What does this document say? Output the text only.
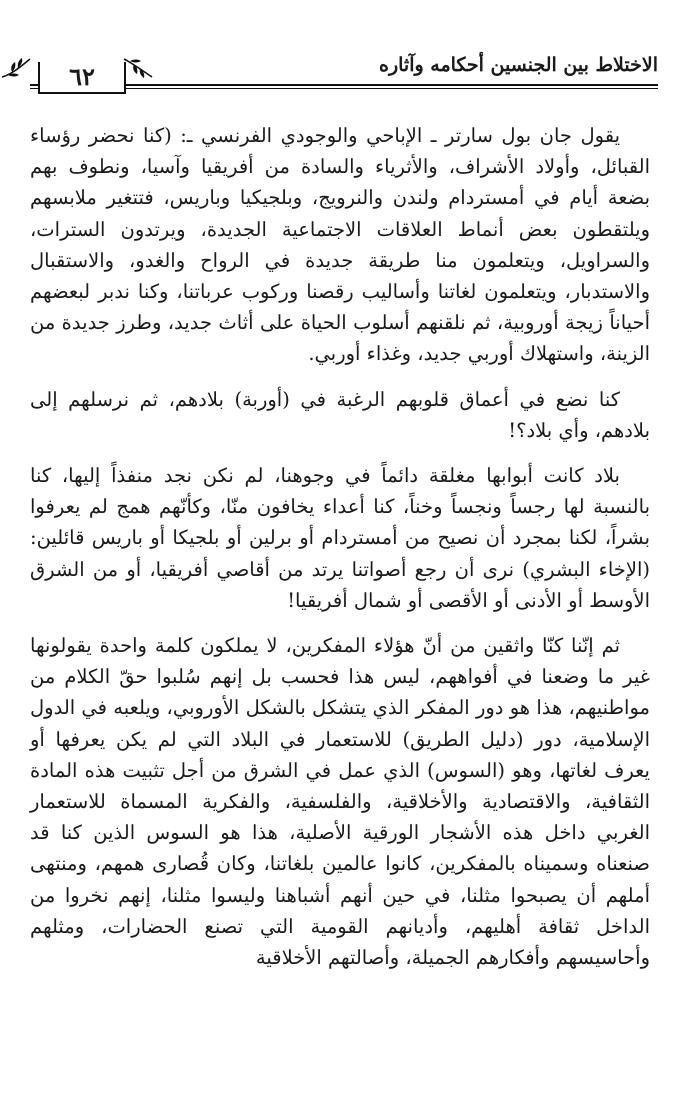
الاختلاط بين الجنسين أحكامه وآثاره
٦٢

يقول جان بول سارتر ـ الإباحي والوجودي الفرنسي ـ: (كنا نحضر رؤساء القبائل، وأولاد الأشراف، والأثرياء والسادة من أفريقيا وآسيا، ونطوف بهم بضعة أيام في أمستردام ولندن والنرويج، وبلجيكيا وباريس، فتتغير ملابسهم ويلتقطون بعض أنماط العلاقات الاجتماعية الجديدة، ويرتدون السترات، والسراويل، ويتعلمون منا طريقة جديدة في الرواح والغدو، والاستقبال والاستدبار، ويتعلمون لغاتنا وأساليب رقصنا وركوب عرباتنا، وكنا ندبر لبعضهم أحياناً زيجة أوروبية، ثم نلقنهم أسلوب الحياة على أثاث جديد، وطرز جديدة من الزينة، واستهلاك أوربي جديد، وغذاء أوربي.

كنا نضع في أعماق قلوبهم الرغبة في (أوربة) بلادهم، ثم نرسلهم إلى بلادهم، وأي بلاد؟!

بلاد كانت أبوابها مغلقة دائماً في وجوهنا، لم نكن نجد منفذاً إليها، كنا بالنسبة لها رجساً ونجساً وخناً، كنا أعداء يخافون منّا، وكأنّهم همج لم يعرفوا بشراً، لكنا بمجرد أن نصيح من أمستردام أو برلين أو بلجيكا أو باريس قائلين: (الإخاء البشري) نرى أن رجع أصواتنا يرتد من أقاصي أفريقيا، أو من الشرق الأوسط أو الأدنى أو الأقصى أو شمال أفريقيا!

ثم إنّنا كنّا واثقين من أنّ هؤلاء المفكرين، لا يملكون كلمة واحدة يقولونها غير ما وضعنا في أفواههم، ليس هذا فحسب بل إنهم سُلبوا حقّ الكلام من مواطنيهم، هذا هو دور المفكر الذي يتشكل بالشكل الأوروبي، ويلعبه في الدول الإسلامية، دور (دليل الطريق) للاستعمار في البلاد التي لم يكن يعرفها أو يعرف لغاتها، وهو (السوس) الذي عمل في الشرق من أجل تثبيت هذه المادة الثقافية، والاقتصادية والأخلاقية، والفلسفية، والفكرية المسماة للاستعمار الغربي داخل هذه الأشجار الورقية الأصلية، هذا هو السوس الذين كنا قد صنعناه وسميناه بالمفكرين، كانوا عالمين بلغاتنا، وكان قُصارى همهم، ومنتهى أملهم أن يصبحوا مثلنا، في حين أنهم أشباهنا وليسوا مثلنا، إنهم نخروا من الداخل ثقافة أهليهم، وأديانهم القومية التي تصنع الحضارات، ومثلهم وأحاسيسهم وأفكارهم الجميلة، وأصالتهم الأخلاقية
